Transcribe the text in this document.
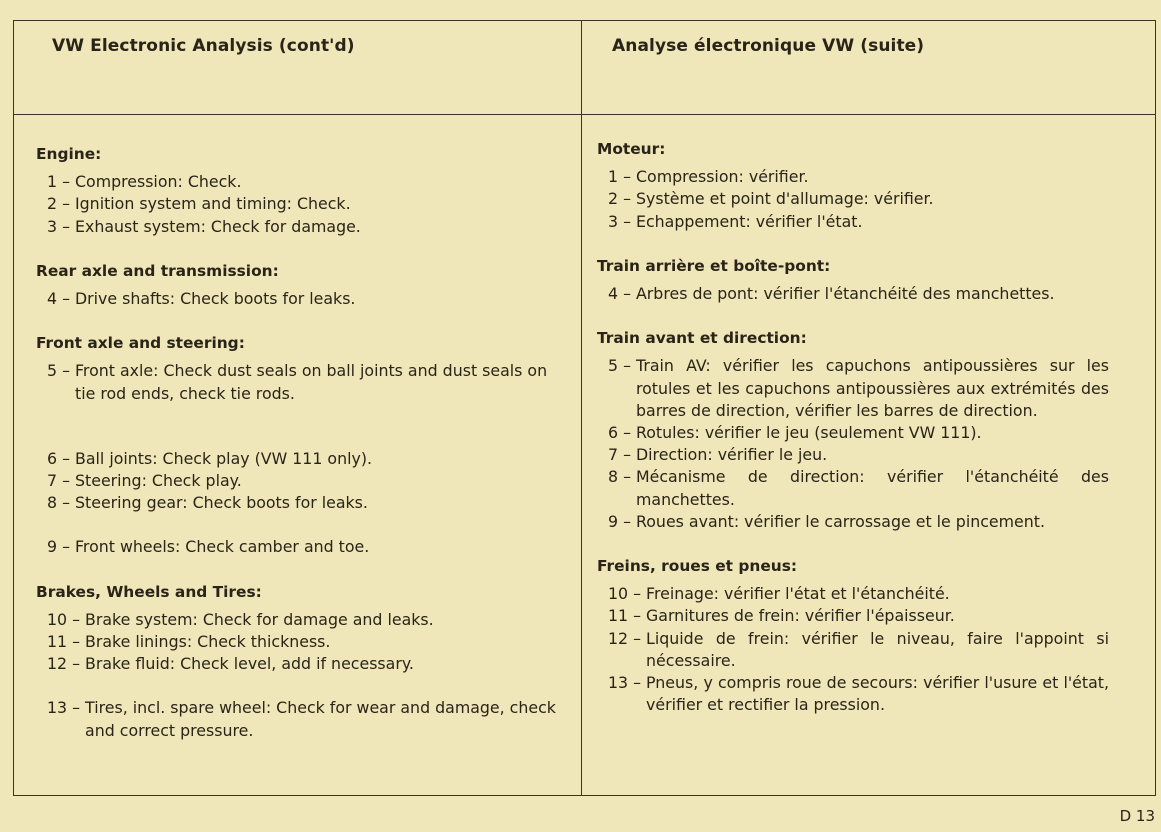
VW Electronic Analysis (cont'd)	Analyse électronique VW (suite)
Engine:
1 – Compression: Check.
2 – Ignition system and timing: Check.
3 – Exhaust system: Check for damage.
Rear axle and transmission:
4 – Drive shafts: Check boots for leaks.
Front axle and steering:
5 – Front axle: Check dust seals on ball joints and dust seals on tie rod ends, check tie rods.
6 – Ball joints: Check play (VW 111 only).
7 – Steering: Check play.
8 – Steering gear: Check boots for leaks.
9 – Front wheels: Check camber and toe.
Brakes, Wheels and Tires:
10 – Brake system: Check for damage and leaks.
11 – Brake linings: Check thickness.
12 – Brake fluid: Check level, add if necessary.
13 – Tires, incl. spare wheel: Check for wear and damage, check and correct pressure.
Moteur:
1 – Compression: vérifier.
2 – Système et point d'allumage: vérifier.
3 – Echappement: vérifier l'état.
Train arrière et boîte-pont:
4 – Arbres de pont: vérifier l'étanchéité des manchettes.
Train avant et direction:
5 – Train AV: vérifier les capuchons antipoussières sur les rotules et les capuchons antipoussières aux extrémités des barres de direction, vérifier les barres de direction.
6 – Rotules: vérifier le jeu (seulement VW 111).
7 – Direction: vérifier le jeu.
8 – Mécanisme de direction: vérifier l'étanchéité des manchettes.
9 – Roues avant: vérifier le carrossage et le pincement.
Freins, roues et pneus:
10 – Freinage: vérifier l'état et l'étanchéité.
11 – Garnitures de frein: vérifier l'épaisseur.
12 – Liquide de frein: vérifier le niveau, faire l'appoint si nécessaire.
13 – Pneus, y compris roue de secours: vérifier l'usure et l'état, vérifier et rectifier la pression.
D 13
